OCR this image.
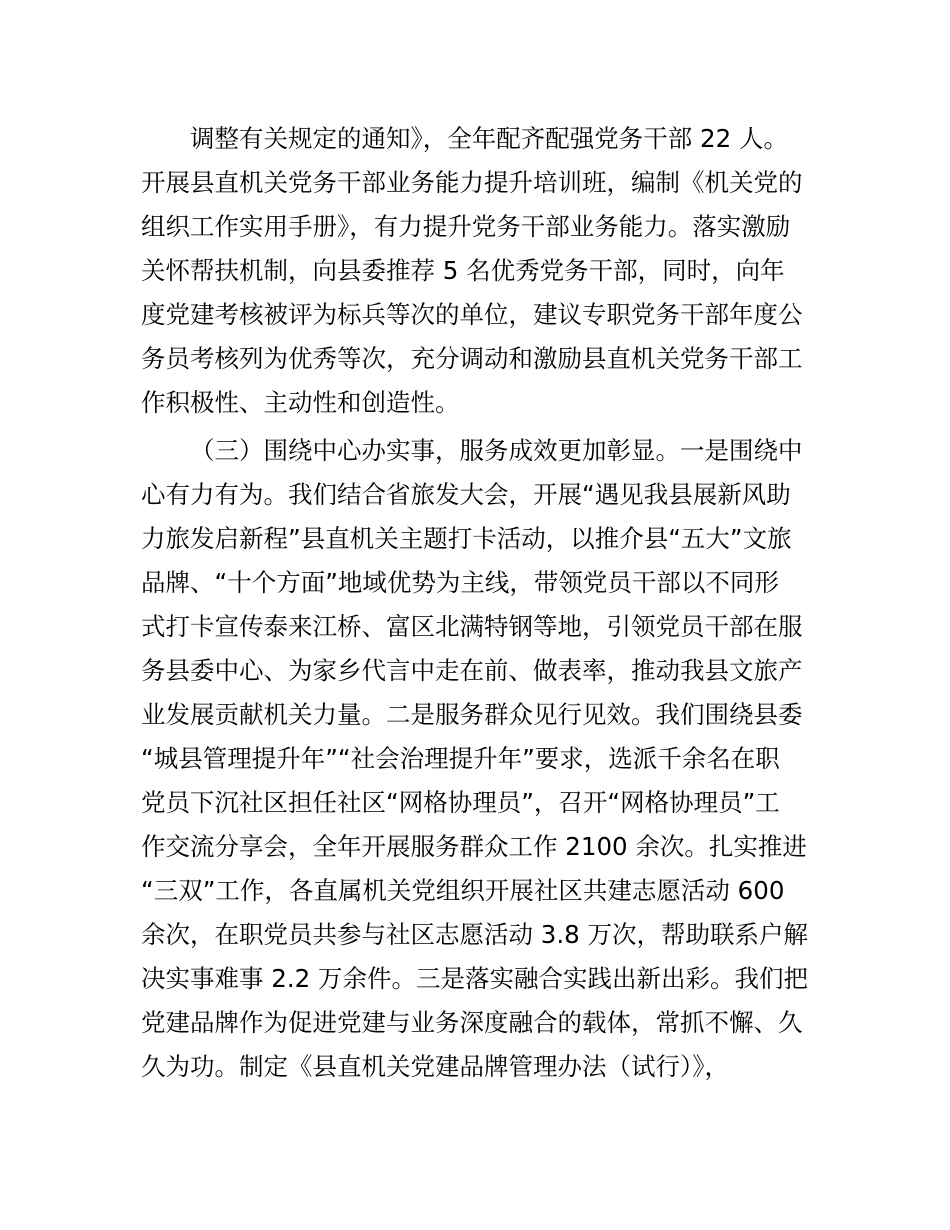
调整有关规定的通知》，全年配齐配强党务干部 22 人。
开展县直机关党务干部业务能力提升培训班，编制《机关党的
组织工作实用手册》，有力提升党务干部业务能力。落实激励
关怀帮扶机制，向县委推荐 5 名优秀党务干部，同时，向年
度党建考核被评为标兵等次的单位，建议专职党务干部年度公
务员考核列为优秀等次，充分调动和激励县直机关党务干部工
作积极性、主动性和创造性。
（三）围绕中心办实事，服务成效更加彰显。一是围绕中
心有力有为。我们结合省旅发大会，开展“遇见我县展新风助
力旅发启新程”县直机关主题打卡活动，以推介县“五大”文旅
品牌、“十个方面”地域优势为主线，带领党员干部以不同形
式打卡宣传泰来江桥、富区北满特钢等地，引领党员干部在服
务县委中心、为家乡代言中走在前、做表率，推动我县文旅产
业发展贡献机关力量。二是服务群众见行见效。我们围绕县委
“城县管理提升年”“社会治理提升年”要求，选派千余名在职
党员下沉社区担任社区“网格协理员”，召开“网格协理员”工
作交流分享会，全年开展服务群众工作 2100 余次。扎实推进
“三双”工作，各直属机关党组织开展社区共建志愿活动 600
余次，在职党员共参与社区志愿活动 3.8 万次，帮助联系户解
决实事难事 2.2 万余件。三是落实融合实践出新出彩。我们把
党建品牌作为促进党建与业务深度融合的载体，常抓不懈、久
久为功。制定《县直机关党建品牌管理办法（试行）》，
